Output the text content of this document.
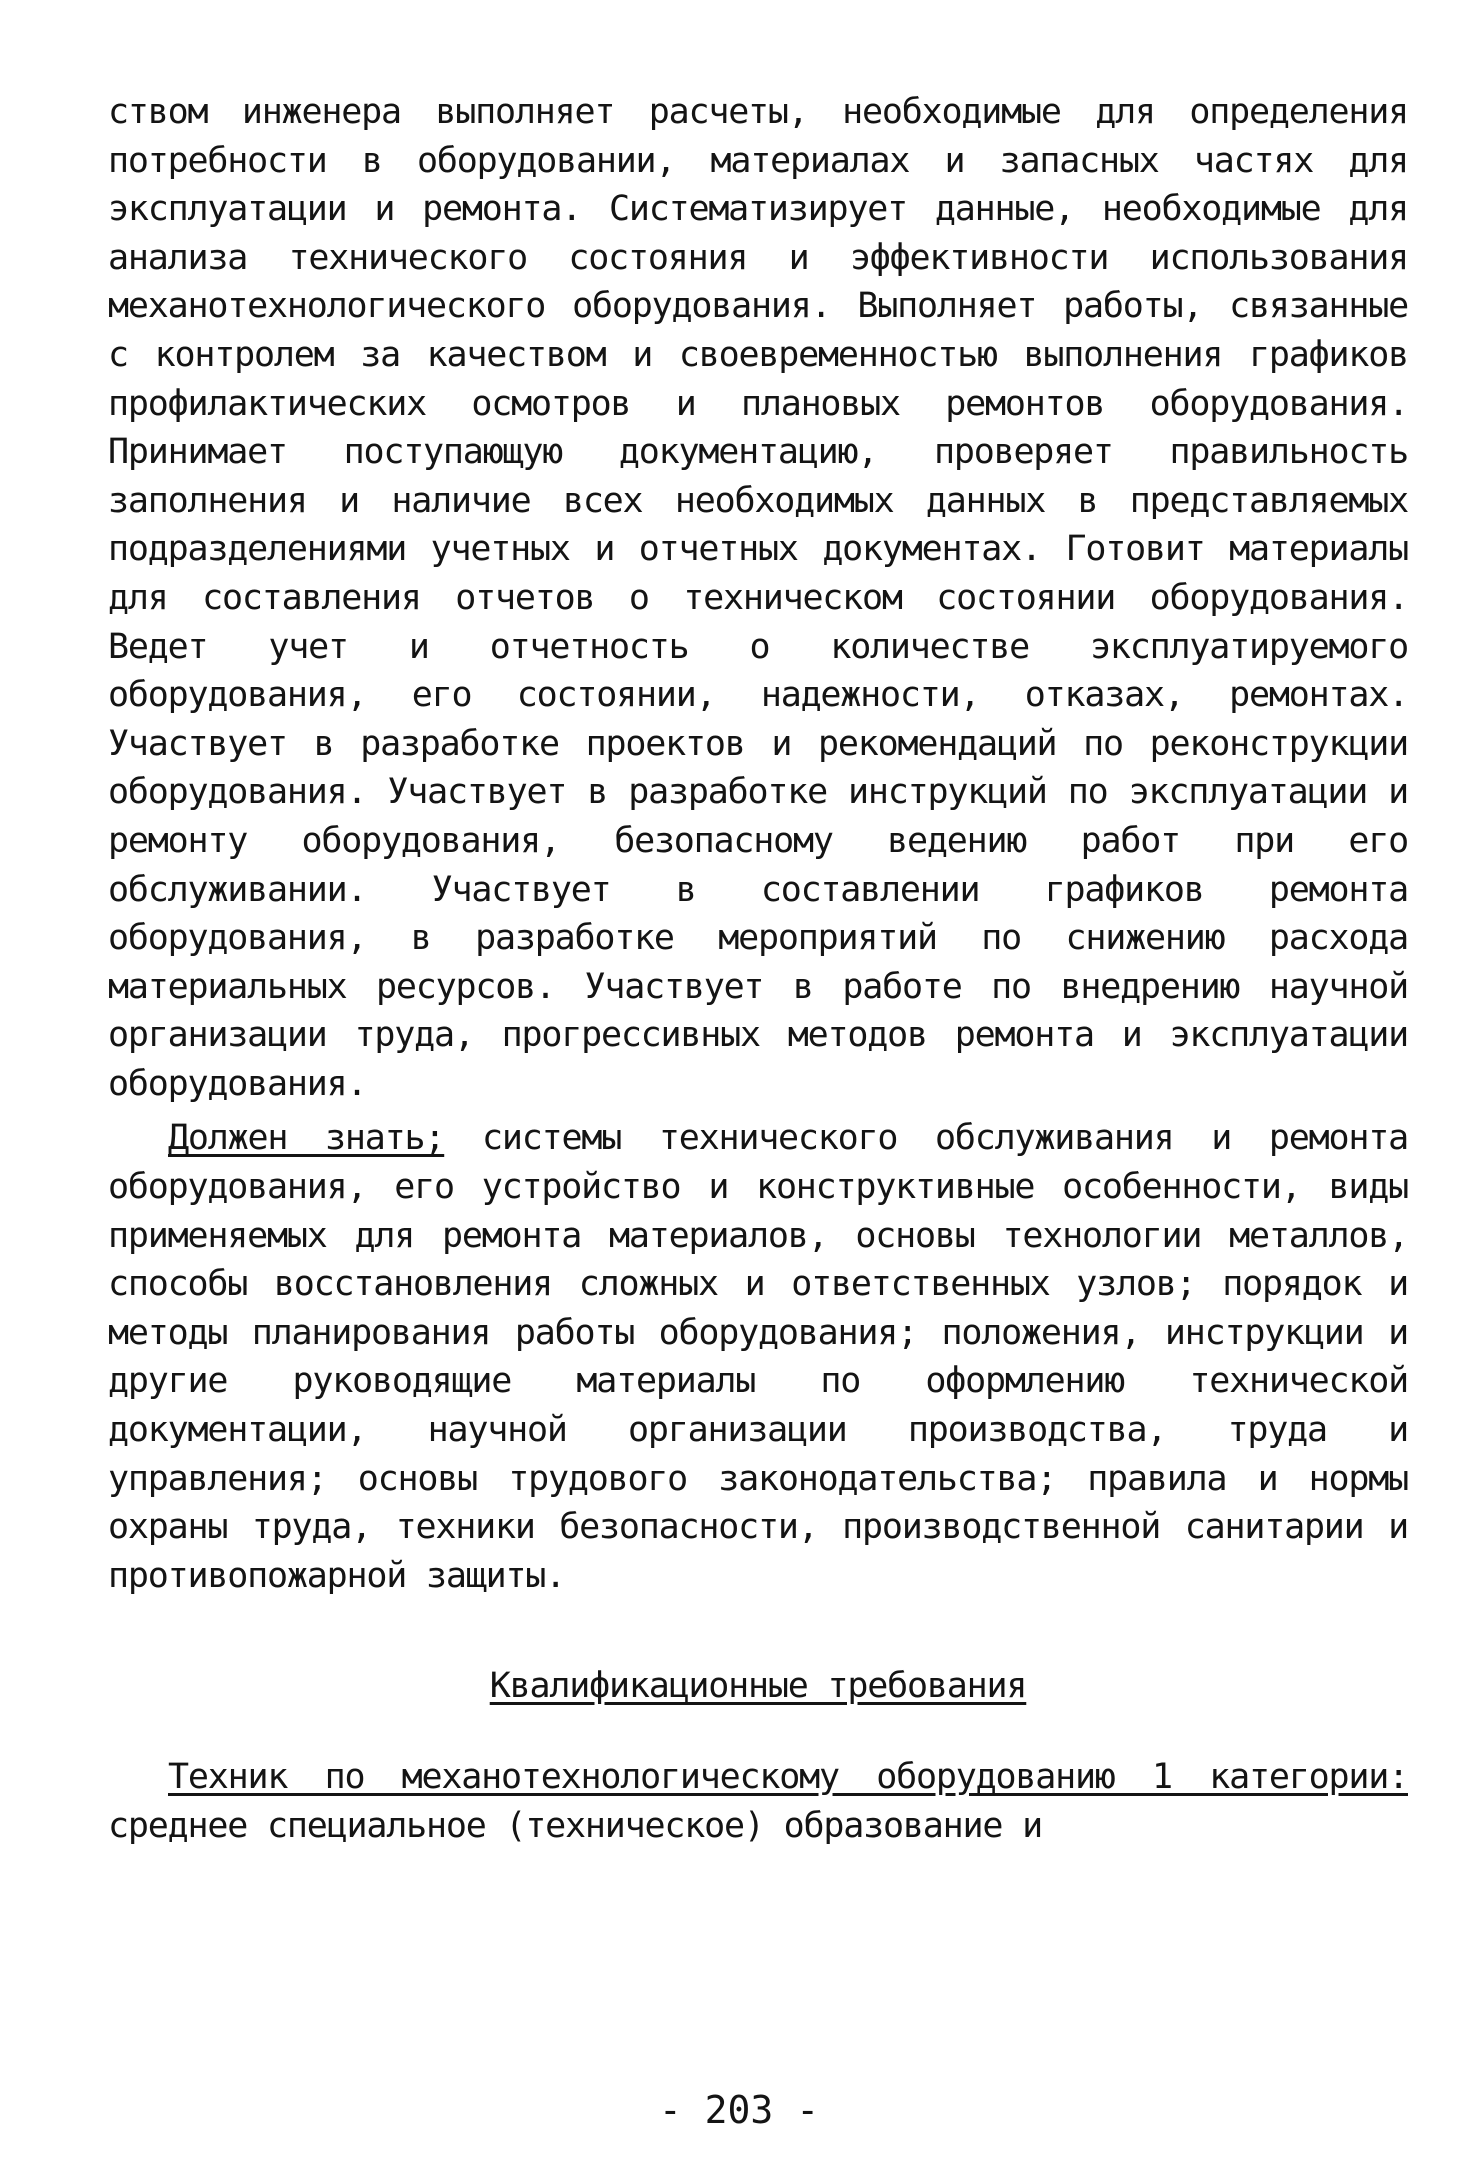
ством инженера выполняет расчеты, необходимые для определения потребности в оборудовании, материалах и запасных частях для эксплуатации и ремонта. Систематизирует данные, необходимые для анализа технического состояния и эффективности использования механотехнологического оборудования. Выполняет работы, связанные с контролем за качеством и своевременностью выполнения графиков профилактических осмотров и плановых ремонтов оборудования. Принимает поступающую документацию, проверяет правильность заполнения и наличие всех необходимых данных в представляемых подразделениями учетных и отчетных документах. Готовит материалы для составления отчетов о техническом состоянии оборудования. Ведет учет и отчетность о количестве эксплуатируемого оборудования, его состоянии, надежности, отказах, ремонтах. Участвует в разработке проектов и рекомендаций по реконструкции оборудования. Участвует в разработке инструкций по эксплуатации и ремонту оборудования, безопасному ведению работ при его обслуживании. Участвует в составлении графиков ремонта оборудования, в разработке мероприятий по снижению расхода материальных ресурсов. Участвует в работе по внедрению научной организации труда, прогрессивных методов ремонта и эксплуатации оборудования.

Должен знать; системы технического обслуживания и ремонта оборудования, его устройство и конструктивные особенности, виды применяемых для ремонта материалов, основы технологии металлов, способы восстановления сложных и ответственных узлов; порядок и методы планирования работы оборудования; положения, инструкции и другие руководящие материалы по оформлению технической документации, научной организации производства, труда и управления; основы трудового законодательства; правила и нормы охраны труда, техники безопасности, производственной санитарии и противопожарной защиты.

Квалификационные требования

Техник по механотехнологическому оборудованию 1 категории: среднее специальное (техническое) образование и

- 203 -
